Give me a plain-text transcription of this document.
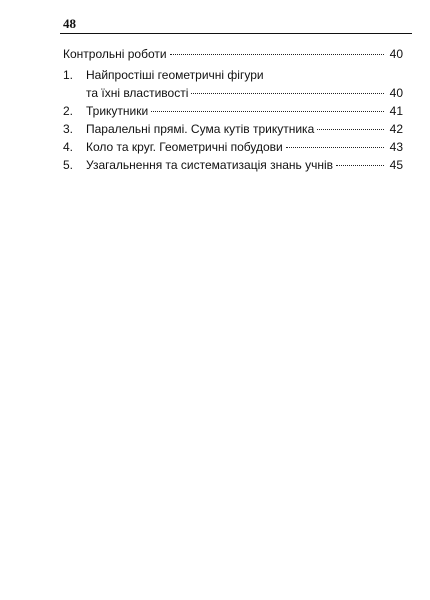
48
Контрольні роботи	40
1.	Найпростіші геометричні фігури
та їхні властивості	40
2.	Трикутники	41
3.	Паралельні прямі. Сума кутів трикутника	42
4.	Коло та круг. Геометричні побудови	43
5.	Узагальнення та систематизація знань учнів	45
